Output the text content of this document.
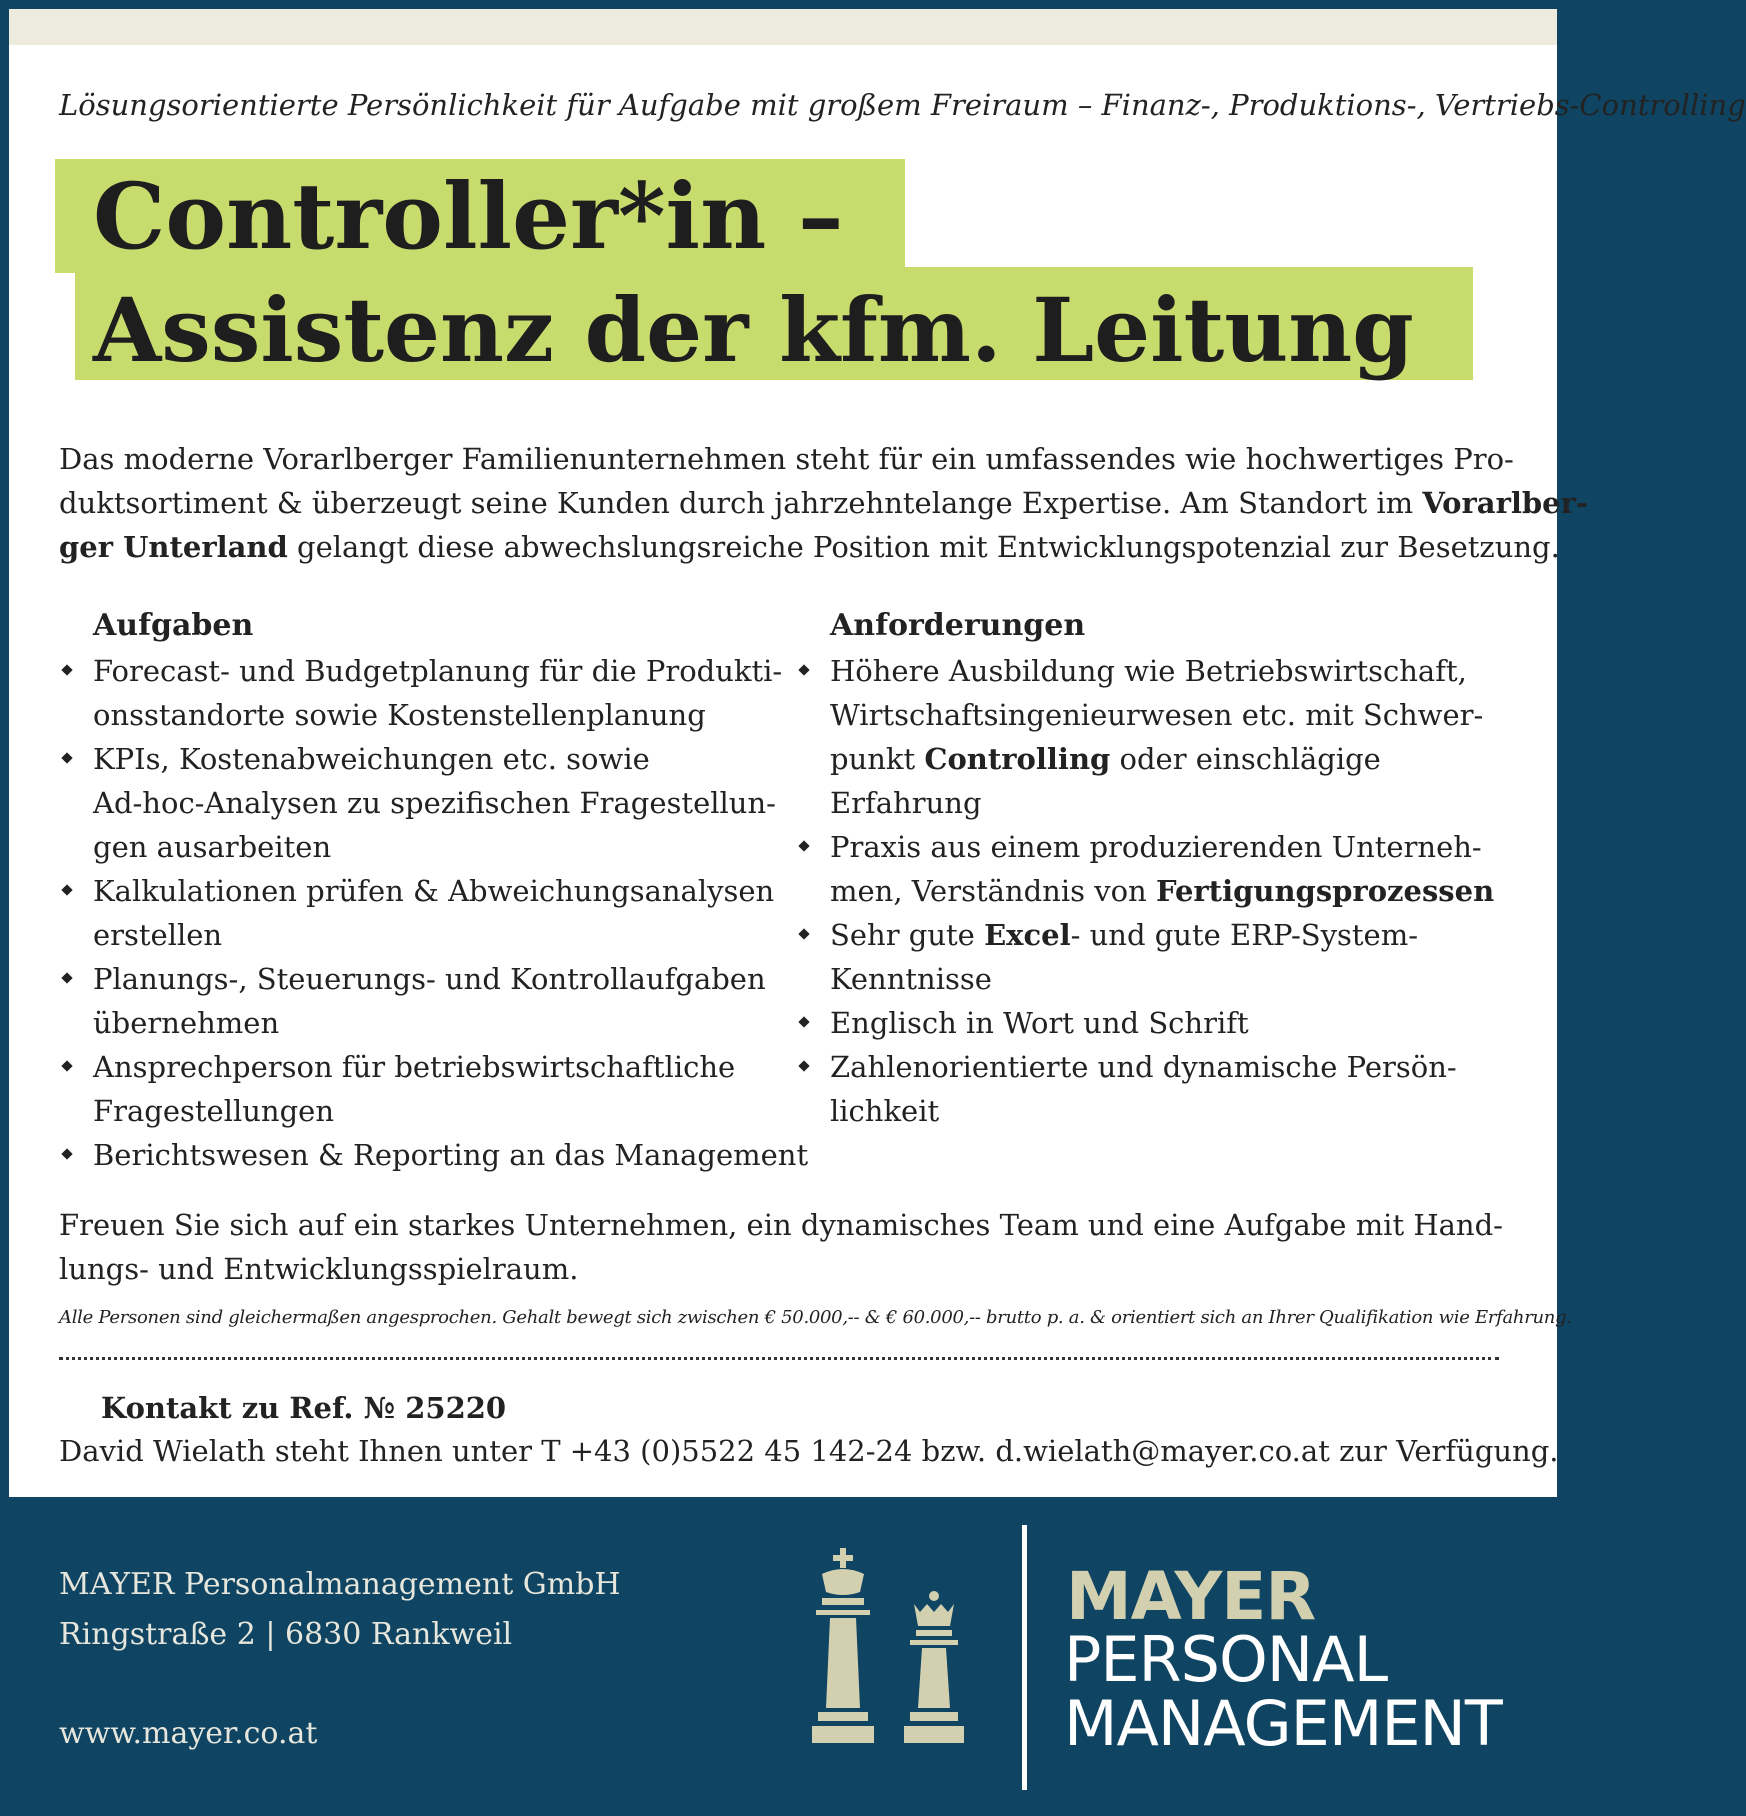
Lösungsorientierte Persönlichkeit für Aufgabe mit großem Freiraum – Finanz-, Produktions-, Vertriebs-Controlling
Controller*in –
Assistenz der kfm. Leitung

Das moderne Vorarlberger Familienunternehmen steht für ein umfassendes wie hochwertiges Pro-

duktsortiment & überzeugt seine Kunden durch jahrzehntelange Expertise. Am Standort im Vorarlber-

ger Unterland gelangt diese abwechslungsreiche Position mit Entwicklungspotenzial zur Besetzung.

Aufgaben
Forecast- und Budgetplanung für die Produkti-
onsstandorte sowie Kostenstellenplanung
KPIs, Kostenabweichungen etc. sowie
Ad-hoc-Analysen zu spezifischen Fragestellun-
gen ausarbeiten
Kalkulationen prüfen & Abweichungsanalysen
erstellen
Planungs-, Steuerungs- und Kontrollaufgaben
übernehmen
Ansprechperson für betriebswirtschaftliche
Fragestellungen
Berichtswesen & Reporting an das Management
Anforderungen
Höhere Ausbildung wie Betriebswirtschaft,
Wirtschaftsingenieurwesen etc. mit Schwer-
punkt Controlling oder einschlägige
Erfahrung
Praxis aus einem produzierenden Unterneh-
men, Verständnis von Fertigungsprozessen
Sehr gute Excel- und gute ERP-System-
Kenntnisse
Englisch in Wort und Schrift
Zahlenorientierte und dynamische Persön-
lichkeit

Freuen Sie sich auf ein starkes Unternehmen, ein dynamisches Team und eine Aufgabe mit Hand-

lungs- und Entwicklungsspielraum.

Alle Personen sind gleichermaßen angesprochen. Gehalt bewegt sich zwischen € 50.000,-- & € 60.000,-- brutto p. a. & orientiert sich an Ihrer Qualifikation wie Erfahrung.
Kontakt zu Ref. № 25220
David Wielath steht Ihnen unter T +43 (0)5522 45 142-24 bzw. d.wielath@mayer.co.at zur Verfügung.
MAYER Personalmanagement GmbH
Ringstraße 2 | 6830 Rankweil
www.mayer.co.at
MAYER
PERSONAL
MANAGEMENT
